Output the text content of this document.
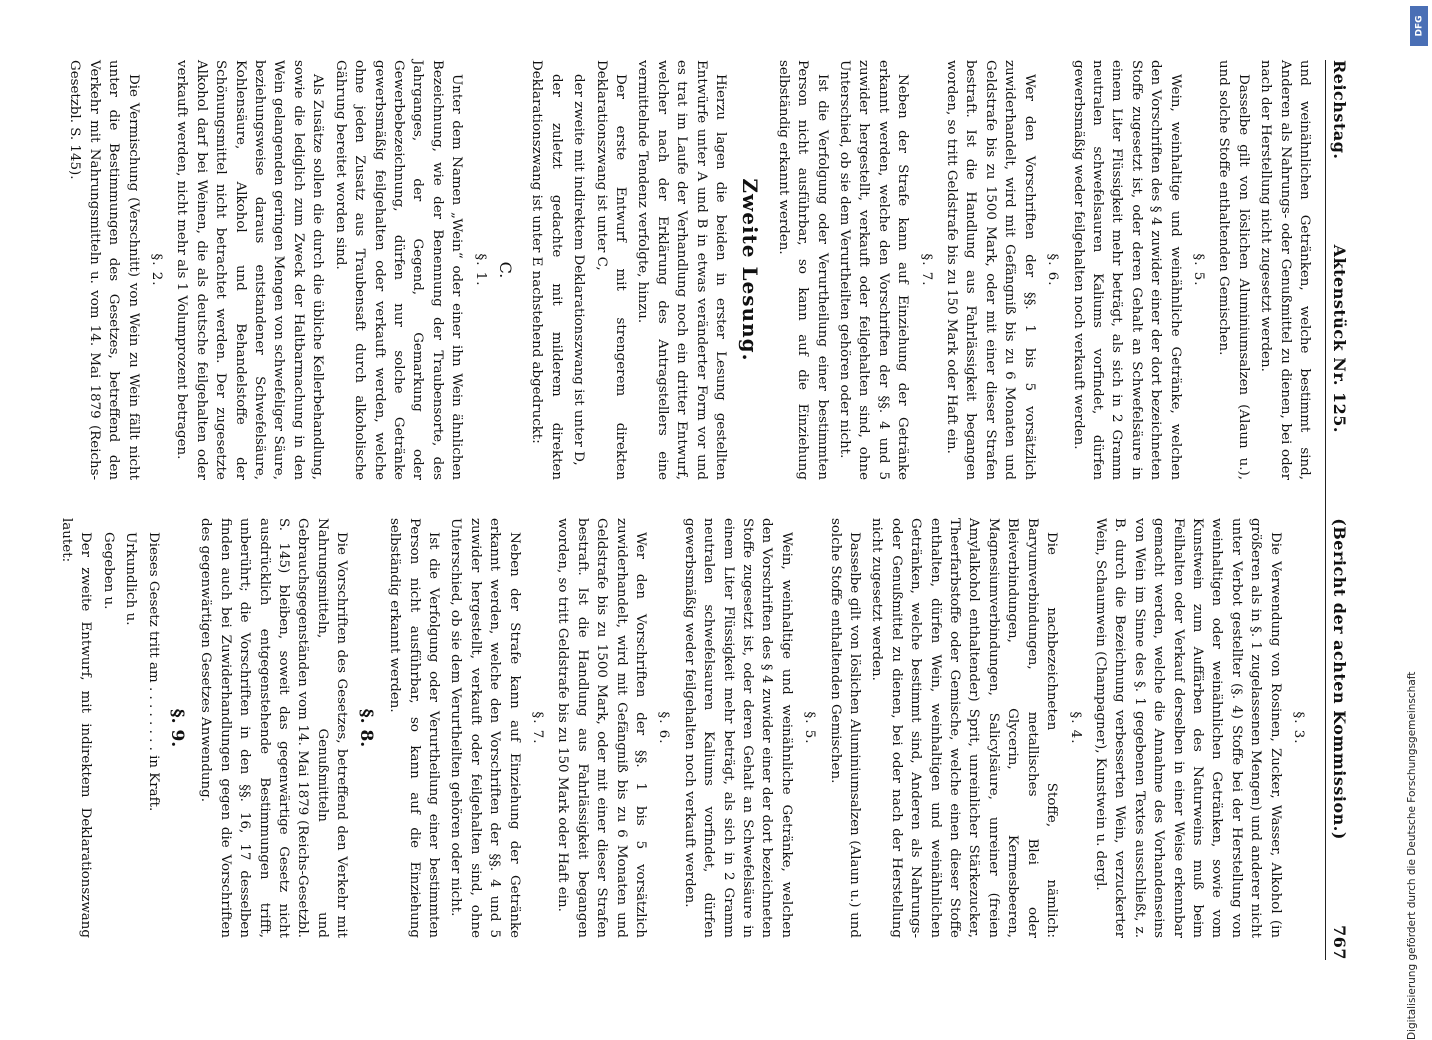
Reichstag.
Aktenstück Nr. 125.
(Bericht der achten Kommission.)
767

und weinähnlichen Getränken, welche bestimmt sind, Anderen als Nahrungs- oder Genußmittel zu dienen, bei oder nach der Herstellung nicht zugesetzt werden.

Dasselbe gilt von löslichen Aluminiumsalzen (Alaun u.), und solche Stoffe enthaltenden Gemischen.

§. 5.

Wein, weinhaltige und weinähnliche Getränke, welchen den Vorschriften des § 4 zuwider einer der dort bezeichneten Stoffe zugesetzt ist, oder deren Gehalt an Schwefelsäure in einem Liter Flüssigkeit mehr beträgt, als sich in 2 Gramm neutralen schwefelsauren Kaliums vorfindet, dürfen gewerbsmäßig weder feilgehalten noch verkauft werden.

§. 6.

Wer den Vorschriften der §§. 1 bis 5 vorsätzlich zuwiderhandelt, wird mit Gefängniß bis zu 6 Monaten und Geldstrafe bis zu 1500 Mark, oder mit einer dieser Strafen bestraft. Ist die Handlung aus Fahrlässigkeit begangen worden, so tritt Geldstrafe bis zu 150 Mark oder Haft ein.

§. 7.

Neben der Strafe kann auf Einziehung der Getränke erkannt werden, welche den Vorschriften der §§. 4 und 5 zuwider hergestellt, verkauft oder feilgehalten sind, ohne Unterschied, ob sie dem Verurtheilten gehören oder nicht.

Ist die Verfolgung oder Verurtheilung einer bestimmten Person nicht ausführbar, so kann auf die Einziehung selbständig erkannt werden.

Zweite Lesung.

Hierzu lagen die beiden in erster Lesung gestellten Entwürfe unter A und B in etwas veränderter Form vor und es trat im Laufe der Verhandlung noch ein dritter Entwurf, welcher nach der Erklärung des Antragstellers eine vermittelnde Tendenz verfolgte, hinzu.

Der erste Entwurf mit strengerem direkten Deklarationszwang ist unter C,

der zweite mit indirektem Deklarationszwang ist unter D,

der zuletzt gedachte mit milderem direkten Deklarationszwang ist unter E nachstehend abgedruckt:

C.
§. 1.

Unter dem Namen „Wein“ oder einer ihn Wein ähnlichen Bezeichnung, wie der Benennung der Traubensorte, des Jahrganges, der Gegend, Gemarkung oder Gewerbebezeichnung, dürfen nur solche Getränke gewerbsmäßig feilgehalten oder verkauft werden, welche ohne jeden Zusatz aus Traubensaft durch alkoholische Gährung bereitet worden sind.

Als Zusätze sollen die durch die übliche Kellerbehandlung, sowie die lediglich zum Zweck der Haltbarmachung in den Wein gelangenden geringen Mengen von schwefeliger Säure, beziehungsweise daraus entstandener Schwefelsäure, Kohlensäure, Alkohol und Behandelstoffe der Schönungsmittel nicht betrachtet werden. Der zugesetzte Alkohol darf bei Weinen, die als deutsche feilgehalten oder verkauft werden, nicht mehr als 1 Volumprozent betragen.

§. 2.

Die Vermischung (Verschnitt) von Wein zu Wein fällt nicht unter die Bestimmungen des Gesetzes, betreffend den Verkehr mit Nahrungsmitteln u. vom 14. Mai 1879 (Reichs-Gesetzbl. S. 145).

§. 3.

Die Verwendung von Rosinen, Zucker, Wasser, Alkohol (in größeren als in §. 1 zugelassenen Mengen) und anderer nicht unter Verbot gestellter (§. 4) Stoffe bei der Herstellung von weinhaltigen oder weinähnlichen Getränken, sowie vom Kunstwein zum Auffärben des Naturweins muß beim Feilhalten oder Verkauf derselben in einer Weise erkennbar gemacht werden, welche die Annahme des Vorhandenseins von Wein im Sinne des §. 1 gegebenen Textes ausschließt, z. B. durch die Bezeichnung verbesserten Wein, verzuckerter Wein, Schaumwein (Champagner), Kunstwein u. dergl.

§. 4.

Die nachbezeichneten Stoffe, nämlich: Baryumverbindungen, metallisches Blei oder Bleiverbindungen, Glycerin, Kermesbeeren, Magnesiumverbindungen, Salicylsäure, unreiner (freien Amylalkohol enthaltender) Sprit, unreinlicher Stärkezucker, Theerfarbstoffe oder Gemische, welche einen dieser Stoffe enthalten, dürfen Wein, weinhaltigen und weinähnlichen Getränken, welche bestimmt sind, Anderen als Nahrungs- oder Genußmittel zu dienen, bei oder nach der Herstellung nicht zugesetzt werden.

Dasselbe gilt von löslichen Aluminiumsalzen (Alaun u.) und solche Stoffe enthaltenden Gemischen.

§. 5.

Wein, weinhaltige und weinähnliche Getränke, welchen den Vorschriften des § 4 zuwider einer der dort bezeichneten Stoffe zugesetzt ist, oder deren Gehalt an Schwefelsäure in einem Liter Flüssigkeit mehr beträgt, als sich in 2 Gramm neutralen schwefelsauren Kaliums vorfindet, dürfen gewerbsmäßig weder feilgehalten noch verkauft werden.

§. 6.

Wer den Vorschriften der §§. 1 bis 5 vorsätzlich zuwiderhandelt, wird mit Gefängniß bis zu 6 Monaten und Geldstrafe bis zu 1500 Mark, oder mit einer dieser Strafen bestraft. Ist die Handlung aus Fahrlässigkeit begangen worden, so tritt Geldstrafe bis zu 150 Mark oder Haft ein.

§. 7.

Neben der Strafe kann auf Einziehung der Getränke erkannt werden, welche den Vorschriften der §§. 4 und 5 zuwider hergestellt, verkauft oder feilgehalten sind, ohne Unterschied, ob sie dem Verurtheilten gehören oder nicht.

Ist die Verfolgung oder Verurtheilung einer bestimmten Person nicht ausführbar, so kann auf die Einziehung selbständig erkannt werden.

§. 8.

Die Vorschriften des Gesetzes, betreffend den Verkehr mit Nahrungsmitteln, Genußmitteln und Gebrauchsgegenständen vom 14. Mai 1879 (Reichs-Gesetzbl. S. 145) bleiben, soweit das gegenwärtige Gesetz nicht ausdrücklich entgegenstehende Bestimmungen trifft, unberührt; die Vorschriften in den §§. 16, 17 desselben finden auch bei Zuwiderhandlungen gegen die Vorschriften des gegenwärtigen Gesetzes Anwendung.

§. 9.

Dieses Gesetz tritt am . . . . . . . . in Kraft.

Urkundlich u.

Gegeben u.

Der zweite Entwurf, mit indirektem Deklarationszwang lautet:

Digitalisierung gefördert durch die Deutsche Forschungsgemeinschaft
DFG
